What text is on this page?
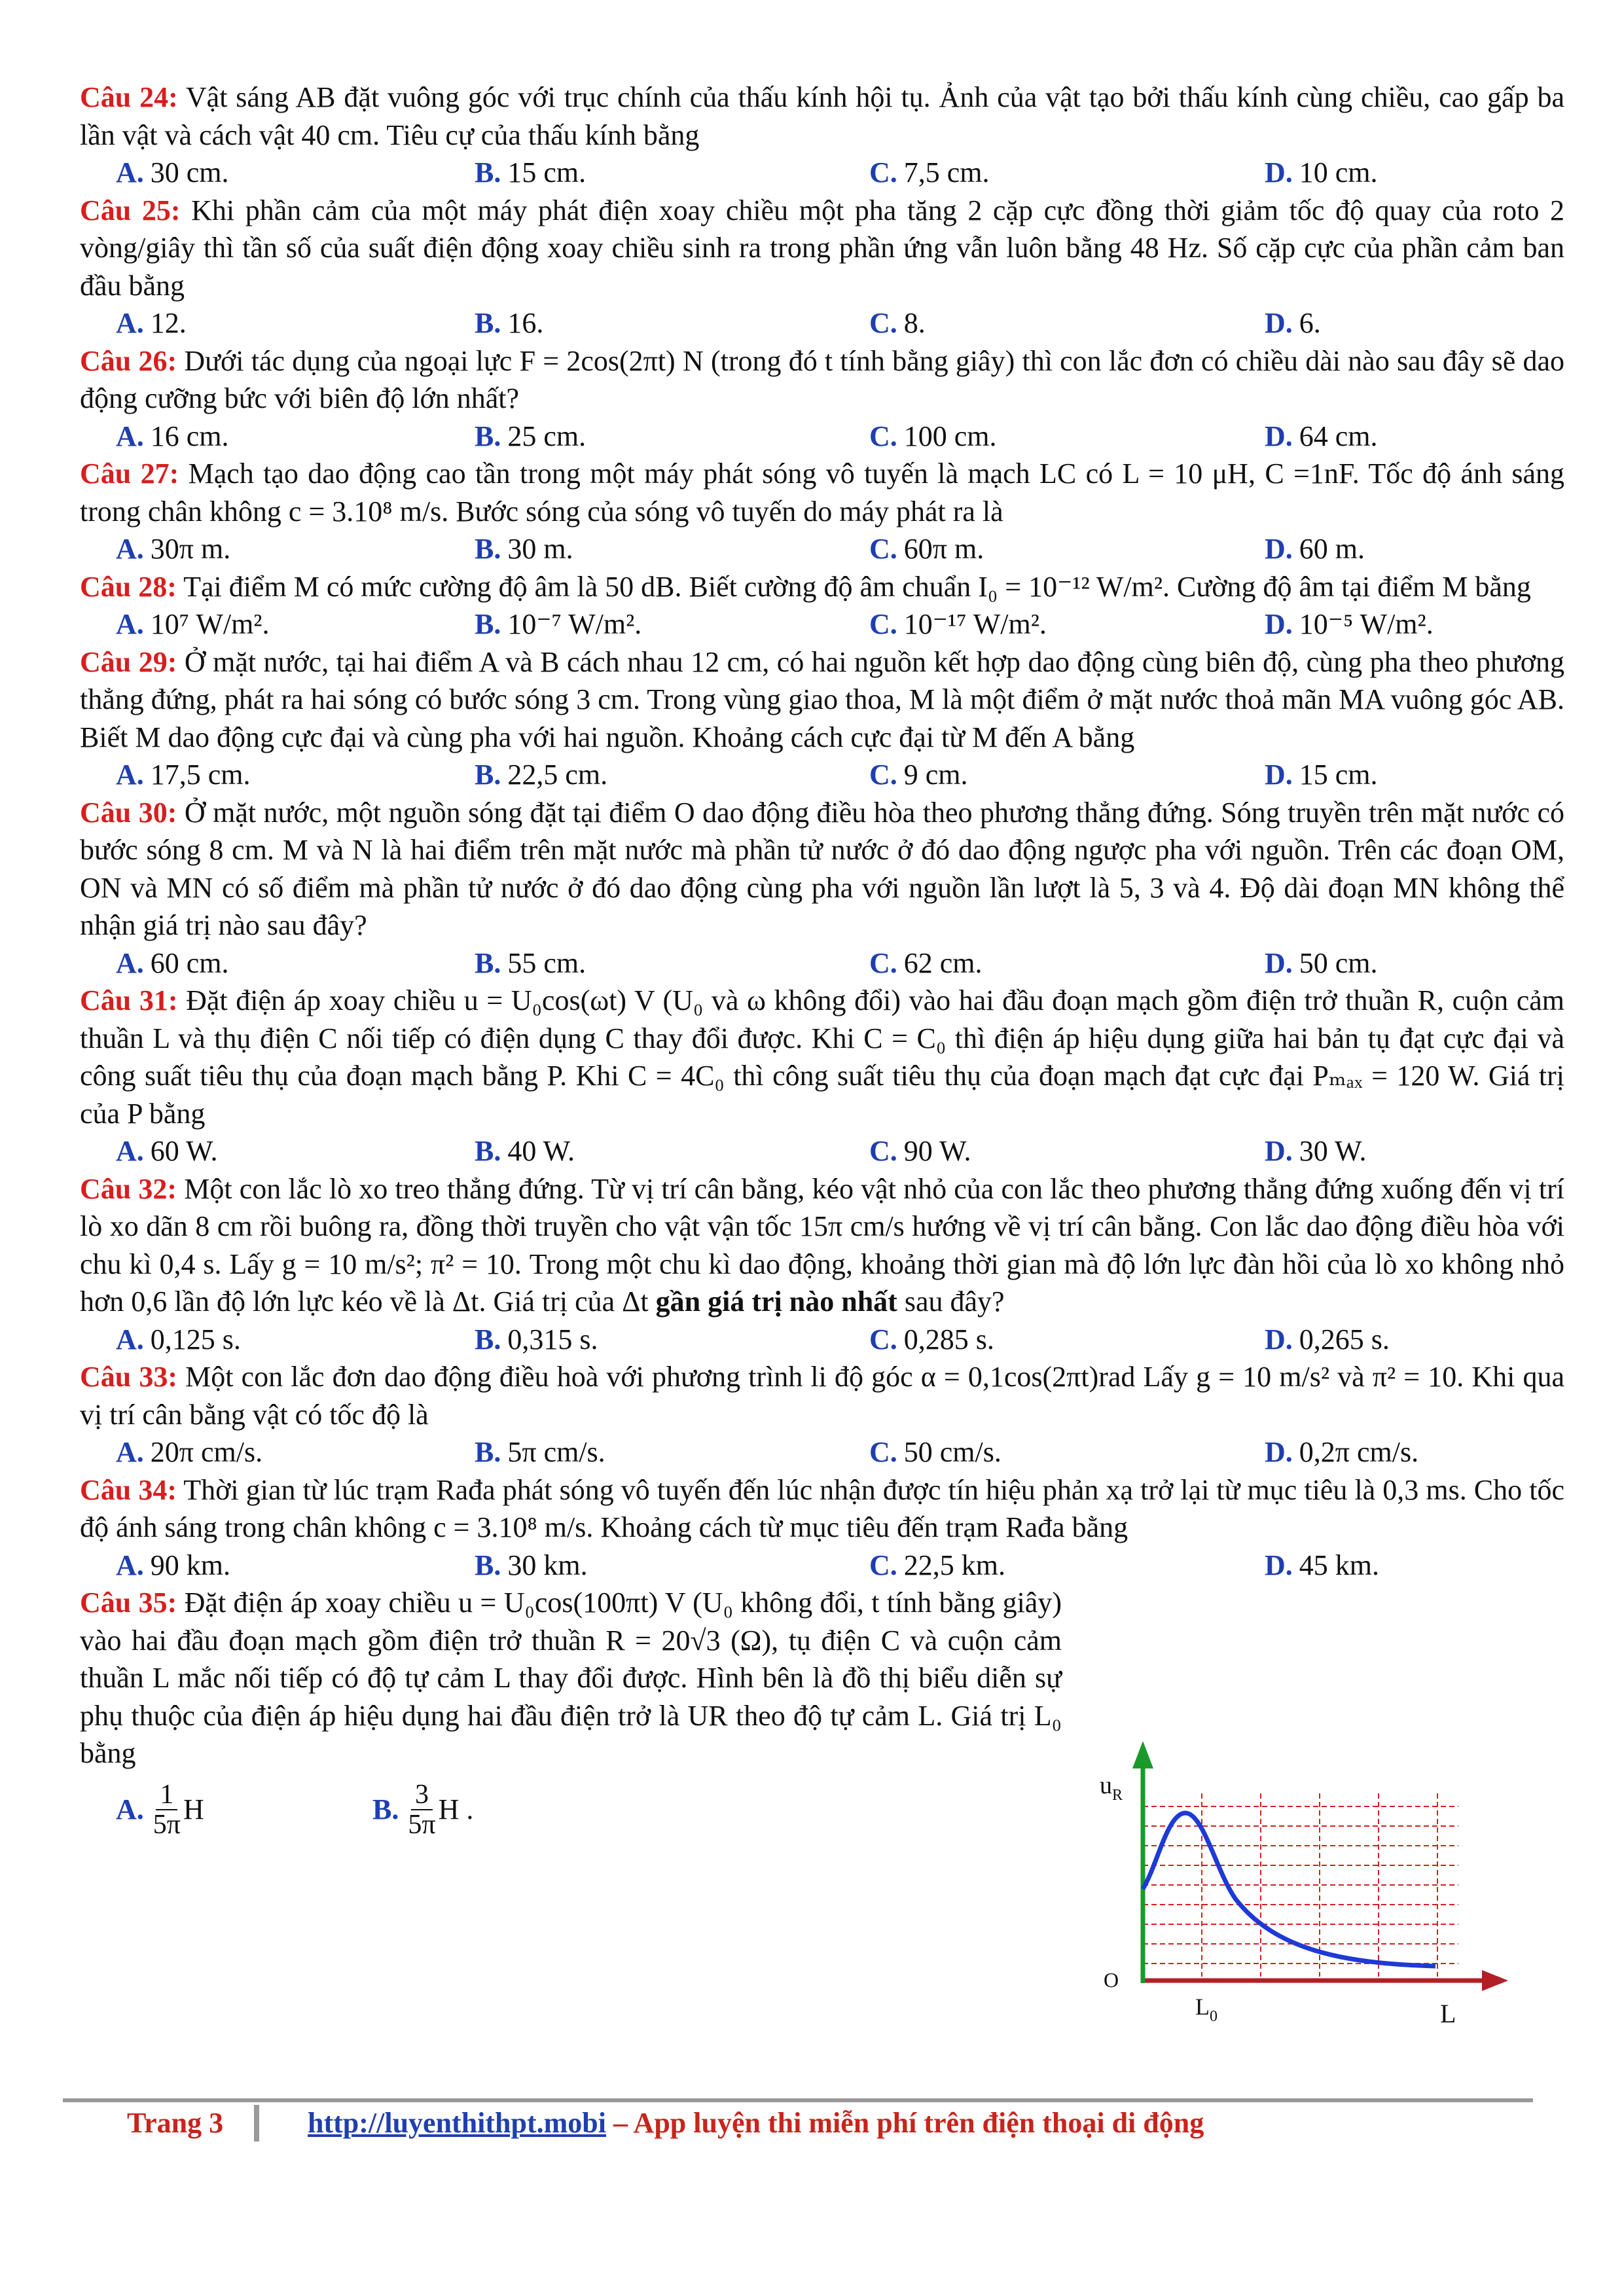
Câu 24: Vật sáng AB đặt vuông góc với trục chính của thấu kính hội tụ. Ảnh của vật tạo bởi thấu kính cùng chiều, cao gấp ba lần vật và cách vật 40 cm. Tiêu cự của thấu kính bằng

A. 30 cm.	B. 15 cm.	C. 7,5 cm.	D. 10 cm.

Câu 25: Khi phần cảm của một máy phát điện xoay chiều một pha tăng 2 cặp cực đồng thời giảm tốc độ quay của roto 2 vòng/giây thì tần số của suất điện động xoay chiều sinh ra trong phần ứng vẫn luôn bằng 48 Hz. Số cặp cực của phần cảm ban đầu bằng

A. 12.	B. 16.	C. 8.	D. 6.

Câu 26: Dưới tác dụng của ngoại lực F = 2cos(2πt) N (trong đó t tính bằng giây) thì con lắc đơn có chiều dài nào sau đây sẽ dao động cưỡng bức với biên độ lớn nhất?

A. 16 cm.	B. 25 cm.	C. 100 cm.	D. 64 cm.

Câu 27: Mạch tạo dao động cao tần trong một máy phát sóng vô tuyến là mạch LC có L = 10 μH, C =1nF. Tốc độ ánh sáng trong chân không c = 3.10⁸ m/s. Bước sóng của sóng vô tuyến do máy phát ra là

A. 30π m.	B. 30 m.	C. 60π m.	D. 60 m.

Câu 28: Tại điểm M có mức cường độ âm là 50 dB. Biết cường độ âm chuẩn I₀ = 10⁻¹² W/m². Cường độ âm tại điểm M bằng

A. 10⁷ W/m².	B. 10⁻⁷ W/m².	C. 10⁻¹⁷ W/m².	D. 10⁻⁵ W/m².

Câu 29: Ở mặt nước, tại hai điểm A và B cách nhau 12 cm, có hai nguồn kết hợp dao động cùng biên độ, cùng pha theo phương thẳng đứng, phát ra hai sóng có bước sóng 3 cm. Trong vùng giao thoa, M là một điểm ở mặt nước thoả mãn MA vuông góc AB. Biết M dao động cực đại và cùng pha với hai nguồn. Khoảng cách cực đại từ M đến A bằng

A. 17,5 cm.	B. 22,5 cm.	C. 9 cm.	D. 15 cm.

Câu 30: Ở mặt nước, một nguồn sóng đặt tại điểm O dao động điều hòa theo phương thẳng đứng. Sóng truyền trên mặt nước có bước sóng 8 cm. M và N là hai điểm trên mặt nước mà phần tử nước ở đó dao động ngược pha với nguồn. Trên các đoạn OM, ON và MN có số điểm mà phần tử nước ở đó dao động cùng pha với nguồn lần lượt là 5, 3 và 4. Độ dài đoạn MN không thể nhận giá trị nào sau đây?

A. 60 cm.	B. 55 cm.	C. 62 cm.	D. 50 cm.

Câu 31: Đặt điện áp xoay chiều u = U₀cos(ωt) V (U₀ và ω không đổi) vào hai đầu đoạn mạch gồm điện trở thuần R, cuộn cảm thuần L và thụ điện C nối tiếp có điện dụng C thay đổi được. Khi C = C₀ thì điện áp hiệu dụng giữa hai bản tụ đạt cực đại và công suất tiêu thụ của đoạn mạch bằng P. Khi C = 4C₀ thì công suất tiêu thụ của đoạn mạch đạt cực đại Pₘₐₓ = 120 W. Giá trị của P bằng

A. 60 W.	B. 40 W.	C. 90 W.	D. 30 W.

Câu 32: Một con lắc lò xo treo thẳng đứng. Từ vị trí cân bằng, kéo vật nhỏ của con lắc theo phương thẳng đứng xuống đến vị trí lò xo dãn 8 cm rồi buông ra, đồng thời truyền cho vật vận tốc 15π cm/s hướng về vị trí cân bằng. Con lắc dao động điều hòa với chu kì 0,4 s. Lấy g = 10 m/s²; π² = 10. Trong một chu kì dao động, khoảng thời gian mà độ lớn lực đàn hồi của lò xo không nhỏ hơn 0,6 lần độ lớn lực kéo về là Δt. Giá trị của Δt gần giá trị nào nhất sau đây?

A. 0,125 s.	B. 0,315 s.	C. 0,285 s.	D. 0,265 s.

Câu 33: Một con lắc đơn dao động điều hoà với phương trình li độ góc α = 0,1cos(2πt)rad Lấy g = 10 m/s² và π² = 10. Khi qua vị trí cân bằng vật có tốc độ là

A. 20π cm/s.	B. 5π cm/s.	C. 50 cm/s.	D. 0,2π cm/s.

Câu 34: Thời gian từ lúc trạm Rađa phát sóng vô tuyến đến lúc nhận được tín hiệu phản xạ trở lại từ mục tiêu là 0,3 ms. Cho tốc độ ánh sáng trong chân không c = 3.10⁸ m/s. Khoảng cách từ mục tiêu đến trạm Rađa bằng

A. 90 km.	B. 30 km.	C. 22,5 km.	D. 45 km.

Câu 35: Đặt điện áp xoay chiều u = U₀cos(100πt) V (U₀ không đổi, t tính bằng giây) vào hai đầu đoạn mạch gồm điện trở thuần R = 20√3 (Ω), tụ điện C và cuộn cảm thuần L mắc nối tiếp có độ tự cảm L thay đổi được. Hình bên là đồ thị biểu diễn sự phụ thuộc của điện áp hiệu dụng hai đầu điện trở là UR theo độ tự cảm L. Giá trị L₀ bằng

A. $\frac{1}{5\pi}$ H	B. $\frac{3}{5\pi}$ H .
$u_R$
O
$L_0$	L
Trang 3	http://luyenthithpt.mobi – App luyện thi miễn phí trên điện thoại di động
